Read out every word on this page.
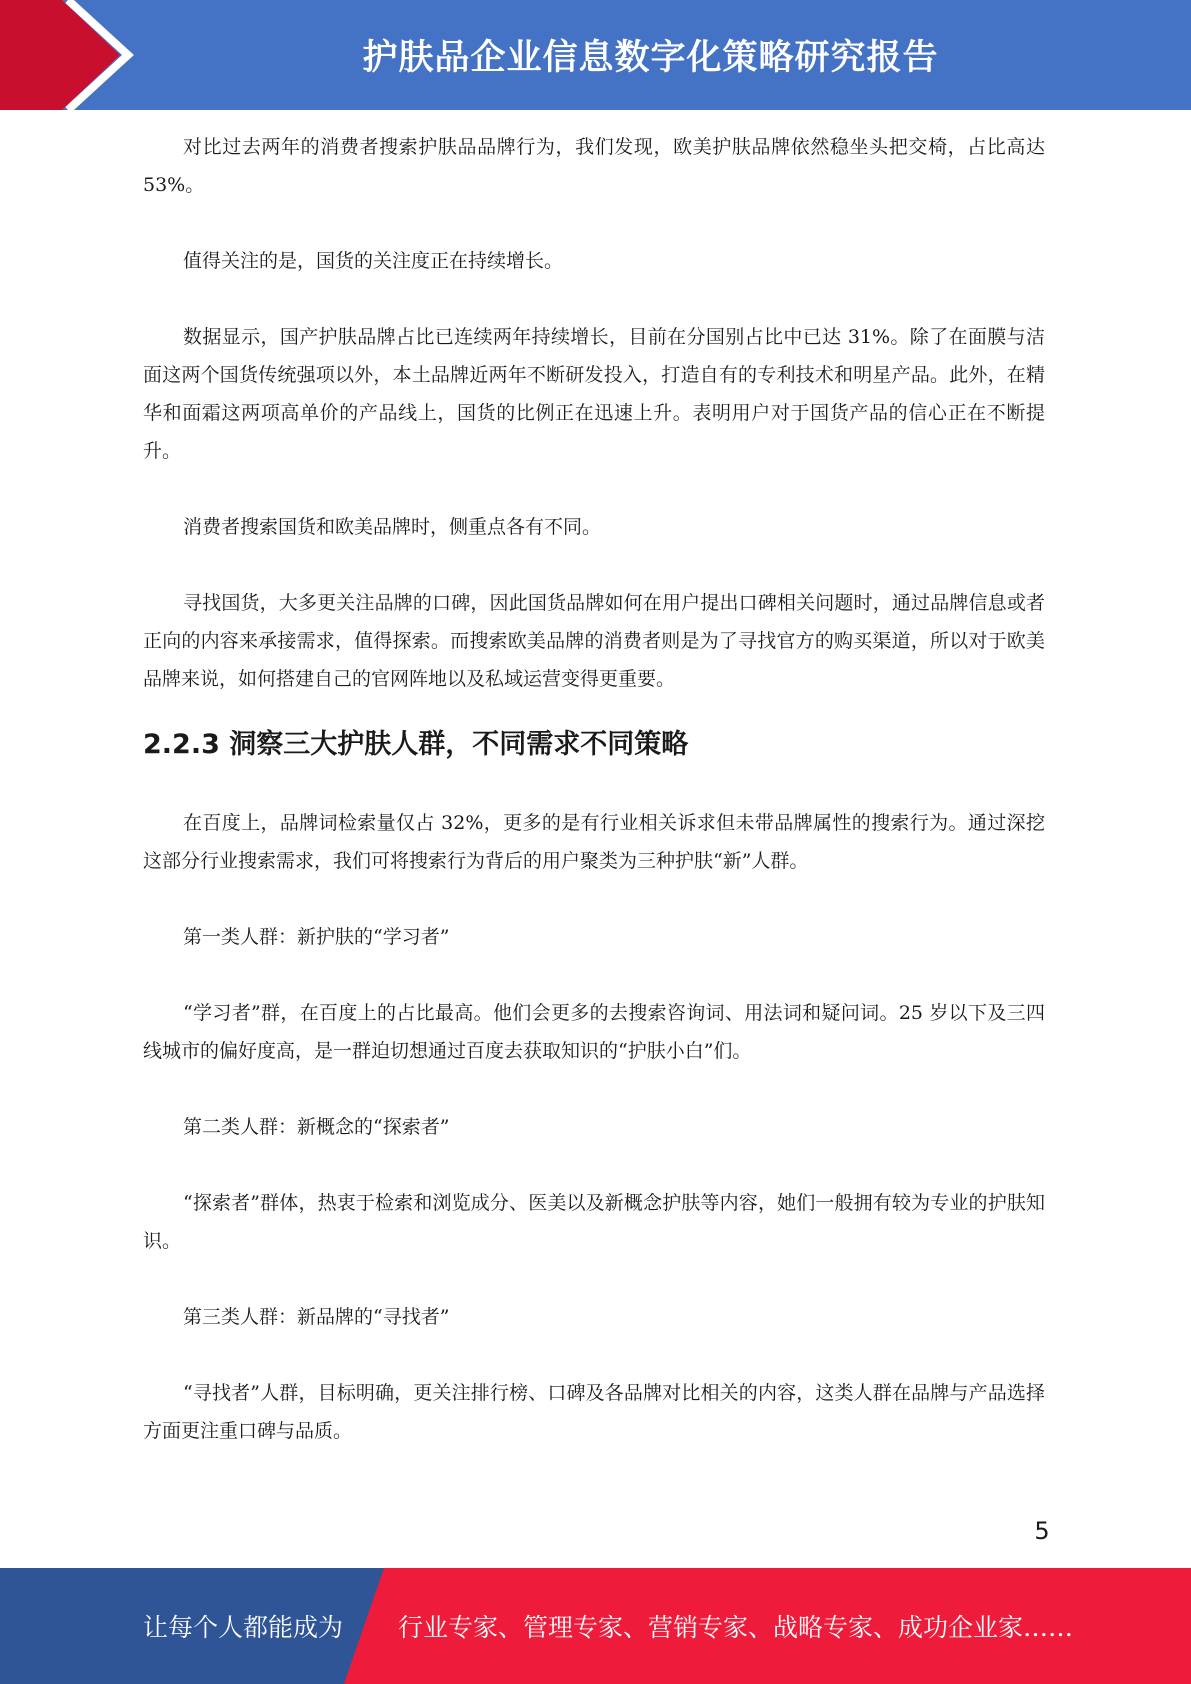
护肤品企业信息数字化策略研究报告

对比过去两年的消费者搜索护肤品品牌行为，我们发现，欧美护肤品牌依然稳坐头把交椅，占比高达 53%。

值得关注的是，国货的关注度正在持续增长。

数据显示，国产护肤品牌占比已连续两年持续增长，目前在分国别占比中已达 31%。除了在面膜与洁面这两个国货传统强项以外，本土品牌近两年不断研发投入，打造自有的专利技术和明星产品。此外，在精华和面霜这两项高单价的产品线上，国货的比例正在迅速上升。表明用户对于国货产品的信心正在不断提升。

消费者搜索国货和欧美品牌时，侧重点各有不同。

寻找国货，大多更关注品牌的口碑，因此国货品牌如何在用户提出口碑相关问题时，通过品牌信息或者正向的内容来承接需求，值得探索。而搜索欧美品牌的消费者则是为了寻找官方的购买渠道，所以对于欧美品牌来说，如何搭建自己的官网阵地以及私域运营变得更重要。

2.2.3 洞察三大护肤人群，不同需求不同策略

在百度上，品牌词检索量仅占 32%，更多的是有行业相关诉求但未带品牌属性的搜索行为。通过深挖这部分行业搜索需求，我们可将搜索行为背后的用户聚类为三种护肤“新”人群。

第一类人群：新护肤的“学习者”

“学习者”群，在百度上的占比最高。他们会更多的去搜索咨询词、用法词和疑问词。25 岁以下及三四线城市的偏好度高，是一群迫切想通过百度去获取知识的“护肤小白”们。

第二类人群：新概念的“探索者”

“探索者”群体，热衷于检索和浏览成分、医美以及新概念护肤等内容，她们一般拥有较为专业的护肤知识。

第三类人群：新品牌的“寻找者”

“寻找者”人群，目标明确，更关注排行榜、口碑及各品牌对比相关的内容，这类人群在品牌与产品选择方面更注重口碑与品质。

5
让每个人都能成为 行业专家、管理专家、营销专家、战略专家、成功企业家……
